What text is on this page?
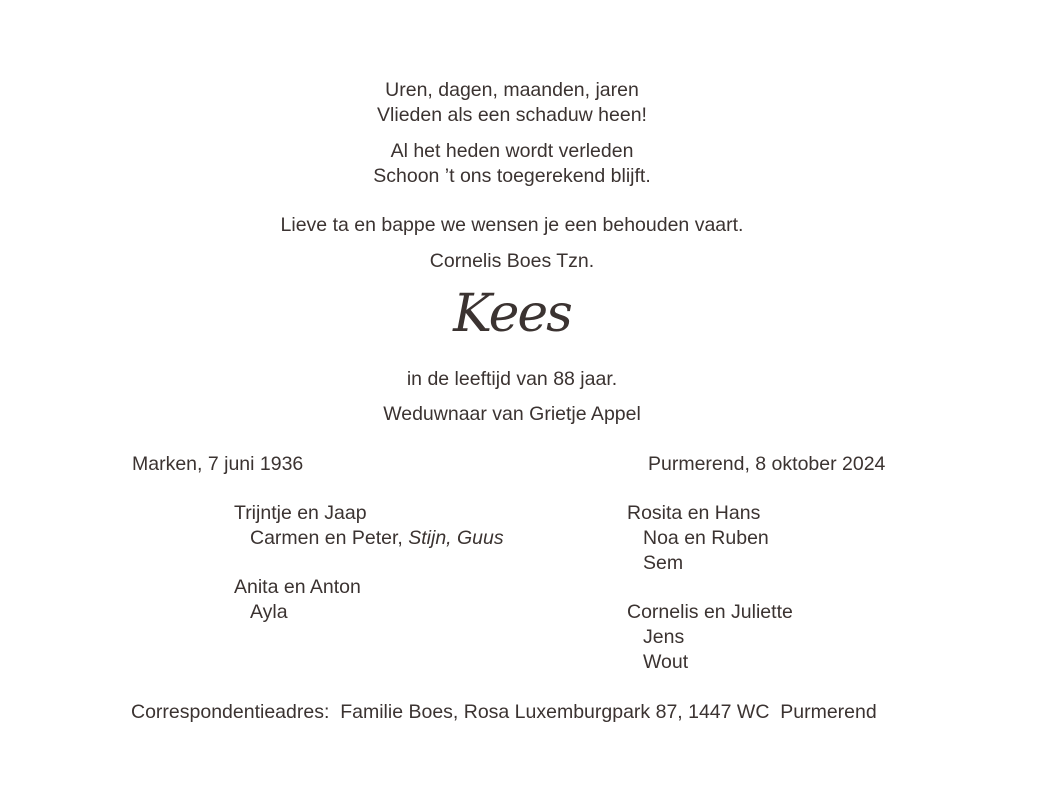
Uren, dagen, maanden, jaren
Vlieden als een schaduw heen!
Al het heden wordt verleden
Schoon ’t ons toegerekend blijft.
Lieve ta en bappe we wensen je een behouden vaart.
Cornelis Boes Tzn.
Kees
in de leeftijd van 88 jaar.
Weduwnaar van Grietje Appel
Marken, 7 juni 1936	Purmerend, 8 oktober 2024
Trijntje en Jaap
Carmen en Peter, Stijn, Guus
Anita en Anton
Ayla
Rosita en Hans
Noa en Ruben
Sem
Cornelis en Juliette
Jens
Wout
Correspondentieadres:  Familie Boes, Rosa Luxemburgpark 87, 1447 WC  Purmerend
